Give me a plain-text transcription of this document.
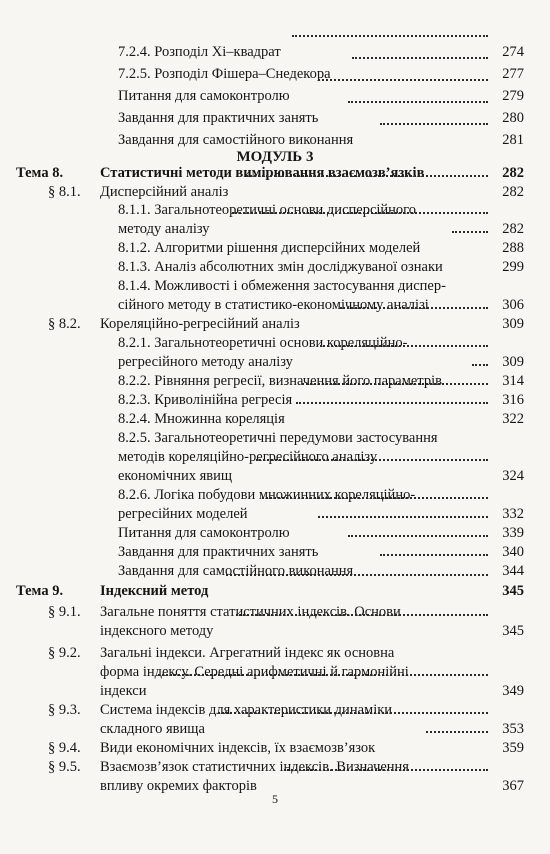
7.2.4. Розподіл Хі–квадрат	274
7.2.5. Розподіл Фішера–Снедекора	277
Питання для самоконтролю	279
Завдання для практичних занять	280
Завдання для самостійного виконання	281
МОДУЛЬ 3
Тема 8.	Статистичні методи вимірювання взаємозв’язків	282
§ 8.1. Дисперсійний аналіз	282
8.1.1. Загальнотеоретичні основи дисперсійного
методу аналізу	282
8.1.2. Алгоритми рішення дисперсійних моделей	288
8.1.3. Аналіз абсолютних змін досліджуваної ознаки	299
8.1.4. Можливості і обмеження застосування диспер-
сійного методу в статистико-економічному аналізі	306
§ 8.2. Кореляційно-регресійний аналіз	309
8.2.1. Загальнотеоретичні основи кореляційно-
регресійного методу аналізу	309
8.2.2. Рівняння регресії, визначення його параметрів	314
8.2.3. Криволінійна регресія	316
8.2.4. Множинна кореляція	322
8.2.5. Загальнотеоретичні передумови застосування
методів кореляційно-регресійного аналізу
економічних явищ	324
8.2.6. Логіка побудови множинних кореляційно-
регресійних моделей	332
Питання для самоконтролю	339
Завдання для практичних занять	340
Завдання для самостійного виконання	344
Тема 9.	Індексний метод	345
§ 9.1. Загальне поняття статистичних індексів. Основи
індексного методу	345
§ 9.2. Загальні індекси. Агрегатний індекс як основна
форма індексу. Середні арифметичні й гармонійні
індекси	349
§ 9.3. Система індексів для характеристики динаміки
складного явища	353
§ 9.4. Види економічних індексів, їх взаємозв’язок	359
§ 9.5. Взаємозв’язок статистичних індексів. Визначення
впливу окремих факторів	367
5
